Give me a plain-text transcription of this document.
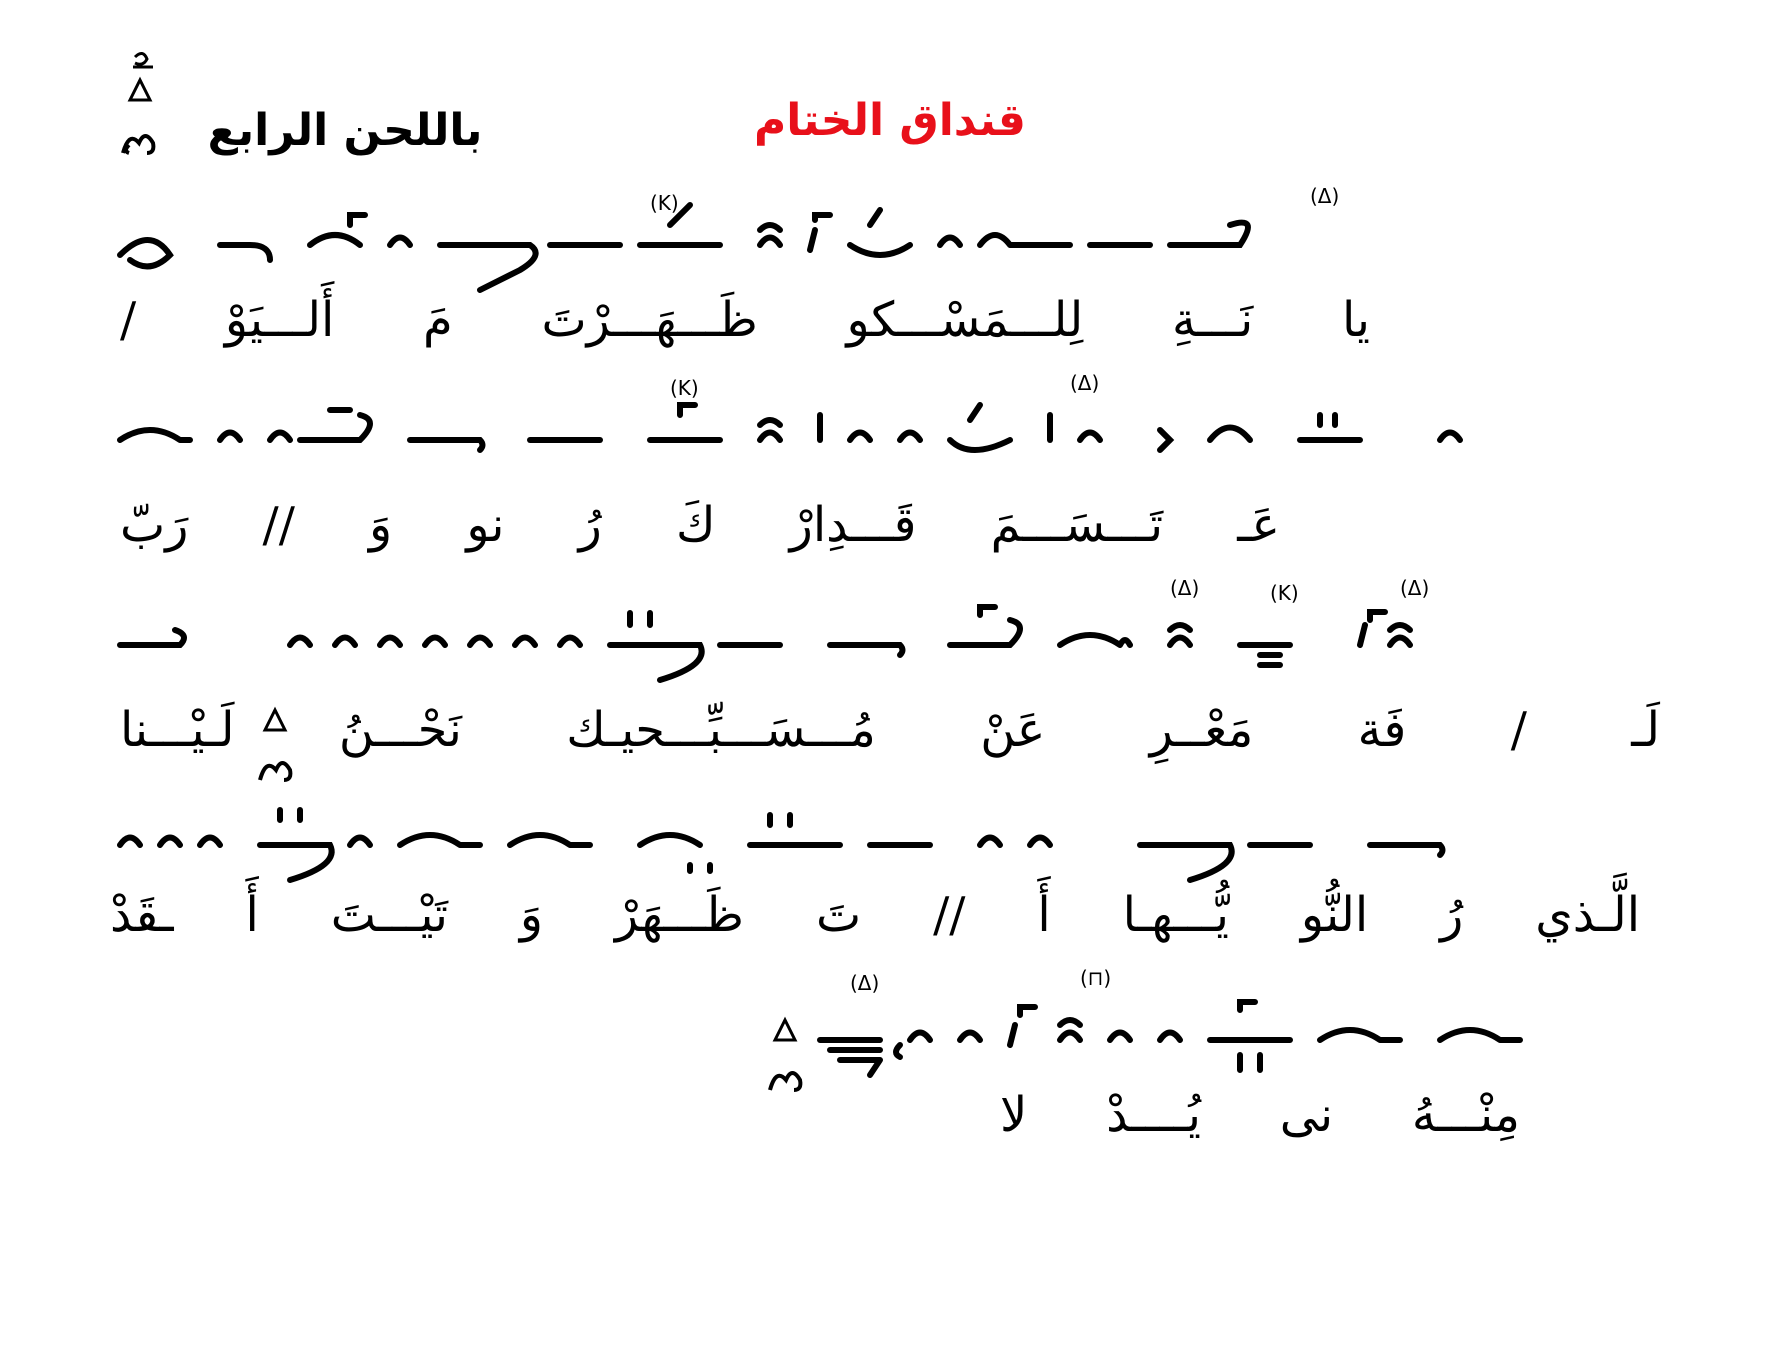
باللحن الرابع	قنداق الختام
(K)	(Δ)
يا نَـــةِ لِلـــمَسْـــكو ظَـــهَـــرْتَ مَ أَلـــيَوْ /
(K)	(Δ)
عَـ تَـــسَـــمَ قَـــدِارْ كَ رُ نو وَ // رَبّ
(Δ)	(K)	(Δ)
لَـ / فَة مَعْــرِ عَنْ مُـــسَـــبِّـــحيـك نَحْـــنُ لَـيْـــنا
الَّـذي رُ النُّو يُّـــهـا أَ // تَ ظَـــهَرْ وَ تَيْـــتَ أَ ـقَدْ
(Δ)	(⊓)
مِنْـــهُ نى يُــــدْ لا
